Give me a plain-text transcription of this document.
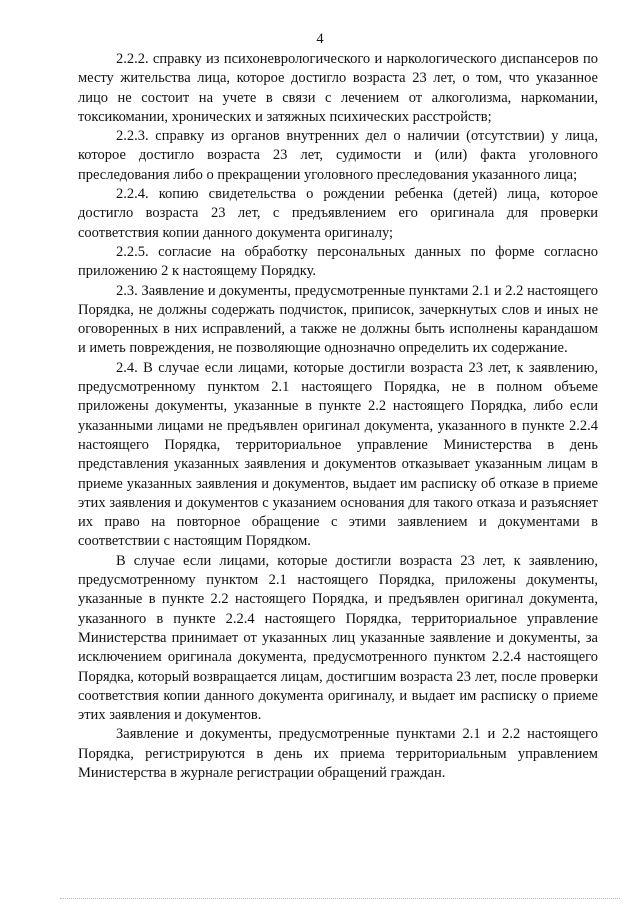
4

2.2.2. справку из психоневрологического и наркологического диспансеров по месту жительства лица, которое достигло возраста 23 лет, о том, что указанное лицо не состоит на учете в связи с лечением от алкоголизма, наркомании, токсикомании, хронических и затяжных психических расстройств;

2.2.3. справку из органов внутренних дел о наличии (отсутствии) у лица, которое достигло возраста 23 лет, судимости и (или) факта уголовного преследования либо о прекращении уголовного преследования указанного лица;

2.2.4. копию свидетельства о рождении ребенка (детей) лица, которое достигло возраста 23 лет, с предъявлением его оригинала для проверки соответствия копии данного документа оригиналу;

2.2.5. согласие на обработку персональных данных по форме согласно приложению 2 к настоящему Порядку.

2.3. Заявление и документы, предусмотренные пунктами 2.1 и 2.2 настоящего Порядка, не должны содержать подчисток, приписок, зачеркнутых слов и иных не оговоренных в них исправлений, а также не должны быть исполнены карандашом и иметь повреждения, не позволяющие однозначно определить их содержание.

2.4. В случае если лицами, которые достигли возраста 23 лет, к заявлению, предусмотренному пунктом 2.1 настоящего Порядка, не в полном объеме приложены документы, указанные в пункте 2.2 настоящего Порядка, либо если указанными лицами не предъявлен оригинал документа, указанного в пункте 2.2.4 настоящего Порядка, территориальное управление Министерства в день представления указанных заявления и документов отказывает указанным лицам в приеме указанных заявления и документов, выдает им расписку об отказе в приеме этих заявления и документов с указанием основания для такого отказа и разъясняет их право на повторное обращение с этими заявлением и документами в соответствии с настоящим Порядком.

В случае если лицами, которые достигли возраста 23 лет, к заявлению, предусмотренному пунктом 2.1 настоящего Порядка, приложены документы, указанные в пункте 2.2 настоящего Порядка, и предъявлен оригинал документа, указанного в пункте 2.2.4 настоящего Порядка, территориальное управление Министерства принимает от указанных лиц указанные заявление и документы, за исключением оригинала документа, предусмотренного пунктом 2.2.4 настоящего Порядка, который возвращается лицам, достигшим возраста 23 лет, после проверки соответствия копии данного документа оригиналу, и выдает им расписку о приеме этих заявления и документов.

Заявление и документы, предусмотренные пунктами 2.1 и 2.2 настоящего Порядка, регистрируются в день их приема территориальным управлением Министерства в журнале регистрации обращений граждан.
